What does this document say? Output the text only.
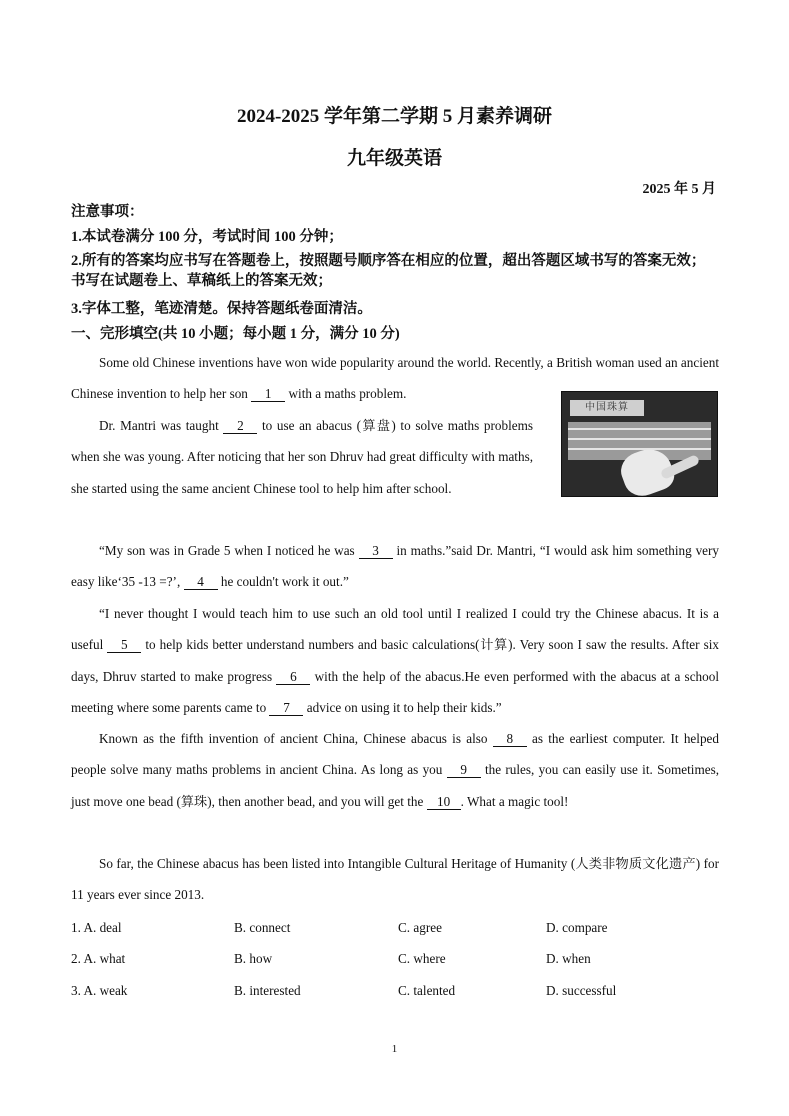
2024-2025 学年第二学期 5 月素养调研
九年级英语
2025 年 5 月
注意事项：
1.本试卷满分 100 分，考试时间 100 分钟；
2.所有的答案均应书写在答题卷上，按照题号顺序答在相应的位置，超出答题区域书写的答案无效；书写在试题卷上、草稿纸上的答案无效；
3.字体工整，笔迹清楚。保持答题纸卷面清洁。
一、完形填空(共 10 小题；每小题 1 分，满分 10 分)
Some old Chinese inventions have won wide popularity around the world. Recently, a British woman used an ancient Chinese invention to help her son 1 with a maths problem.
Dr. Mantri was taught 2 to use an abacus (算盘) to solve maths problems when she was young. After noticing that her son Dhruv had great difficulty with maths, she started using the same ancient Chinese tool to help him after school.
中国珠算
“My son was in Grade 5 when I noticed he was 3 in maths.”said Dr. Mantri, “I would ask him something very easy like‘35 -13 =?’, 4 he couldn't work it out.”
“I never thought I would teach him to use such an old tool until I realized I could try the Chinese abacus. It is a useful 5 to help kids better understand numbers and basic calculations(计算). Very soon I saw the results. After six days, Dhruv started to make progress 6 with the help of the abacus.He even performed with the abacus at a school meeting where some parents came to 7 advice on using it to help their kids.”
Known as the fifth invention of ancient China, Chinese abacus is also 8 as the earliest computer. It helped people solve many maths problems in ancient China. As long as you 9 the rules, you can easily use it. Sometimes, just move one bead (算珠), then another bead, and you will get the 10 . What a magic tool!
So far, the Chinese abacus has been listed into Intangible Cultural Heritage of Humanity (人类非物质文化遗产) for 11 years ever since 2013.
1. A. deal	B. connect	C. agree	D. compare
2. A. what	B. how	C. where	D. when
3. A. weak	B. interested	C. talented	D. successful
1
